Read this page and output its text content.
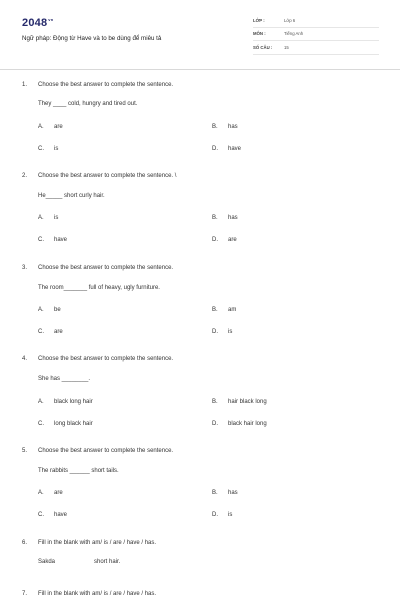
$2048^{vn}$
Ngữ pháp: Động từ Have và to be dùng để miêu tả
LỚP :	Lớp 6
MÔN :	Tiếng Anh
SỐ CÂU :	15
1. Choose the best answer to complete the sentence.
They ____ cold, hungry and tired out.
A. are	B. has
C. is	D. have
2. Choose the best answer to complete the sentence. \
He_____ short curly hair.
A. is	B. has
C. have	D. are
3. Choose the best answer to complete the sentence.
The room_______ full of heavy, ugly furniture.
A. be	B. am
C. are	D. is
4. Choose the best answer to complete the sentence.
She has ________.
A. black long hair	B. hair black long
C. long black hair	D. black hair long
5. Choose the best answer to complete the sentence.
The rabbits ______ short tails.
A. are	B. has
C. have	D. is
6. Fill in the blank with am/ is / are / have / has.
Sakda	short hair.
7. Fill in the blank with am/ is / are / have / has.
